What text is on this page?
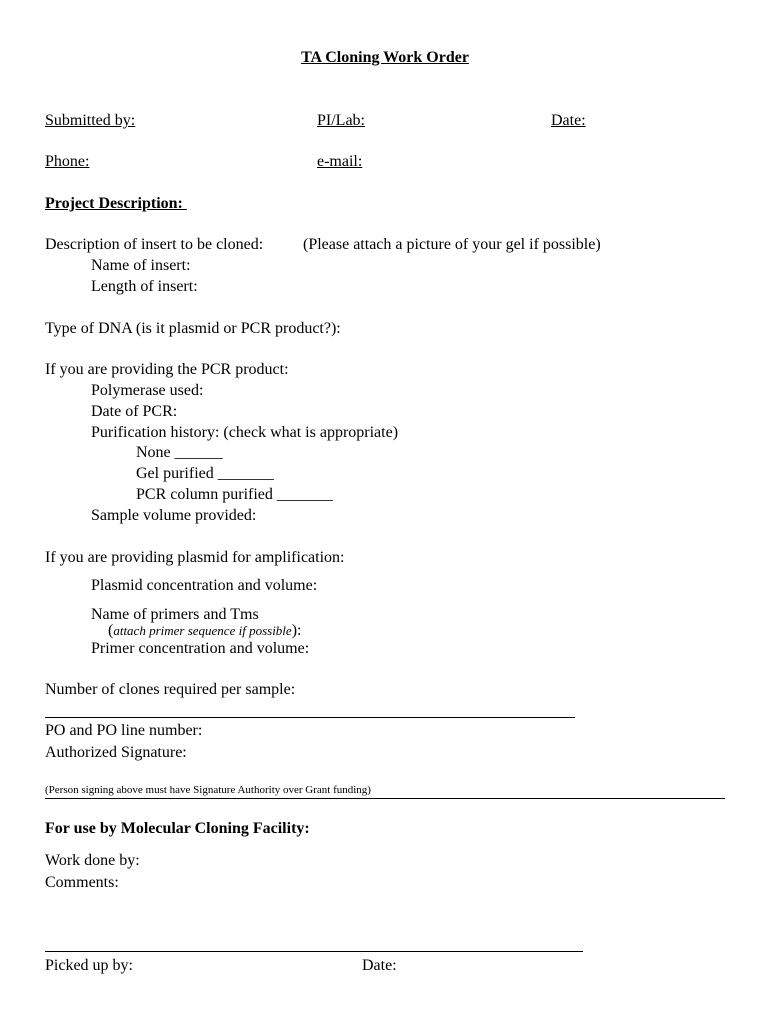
TA Cloning Work Order
Submitted by:	PI/Lab:	Date:
Phone:	e-mail:
Project Description:
Description of insert to be cloned: (Please attach a picture of your gel if possible)
Name of insert:
Length of insert:
Type of DNA (is it plasmid or PCR product?):
If you are providing the PCR product:
Polymerase used:
Date of PCR:
Purification history: (check what is appropriate)
None ______
Gel purified _______
PCR column purified _______
Sample volume provided:
If you are providing plasmid for amplification:
Plasmid concentration and volume:
Name of primers and Tms
(attach primer sequence if possible):
Primer concentration and volume:
Number of clones required per sample:
PO and PO line number:
Authorized Signature:
(Person signing above must have Signature Authority over Grant funding)
For use by Molecular Cloning Facility:
Work done by:
Comments:
Picked up by:	Date:
